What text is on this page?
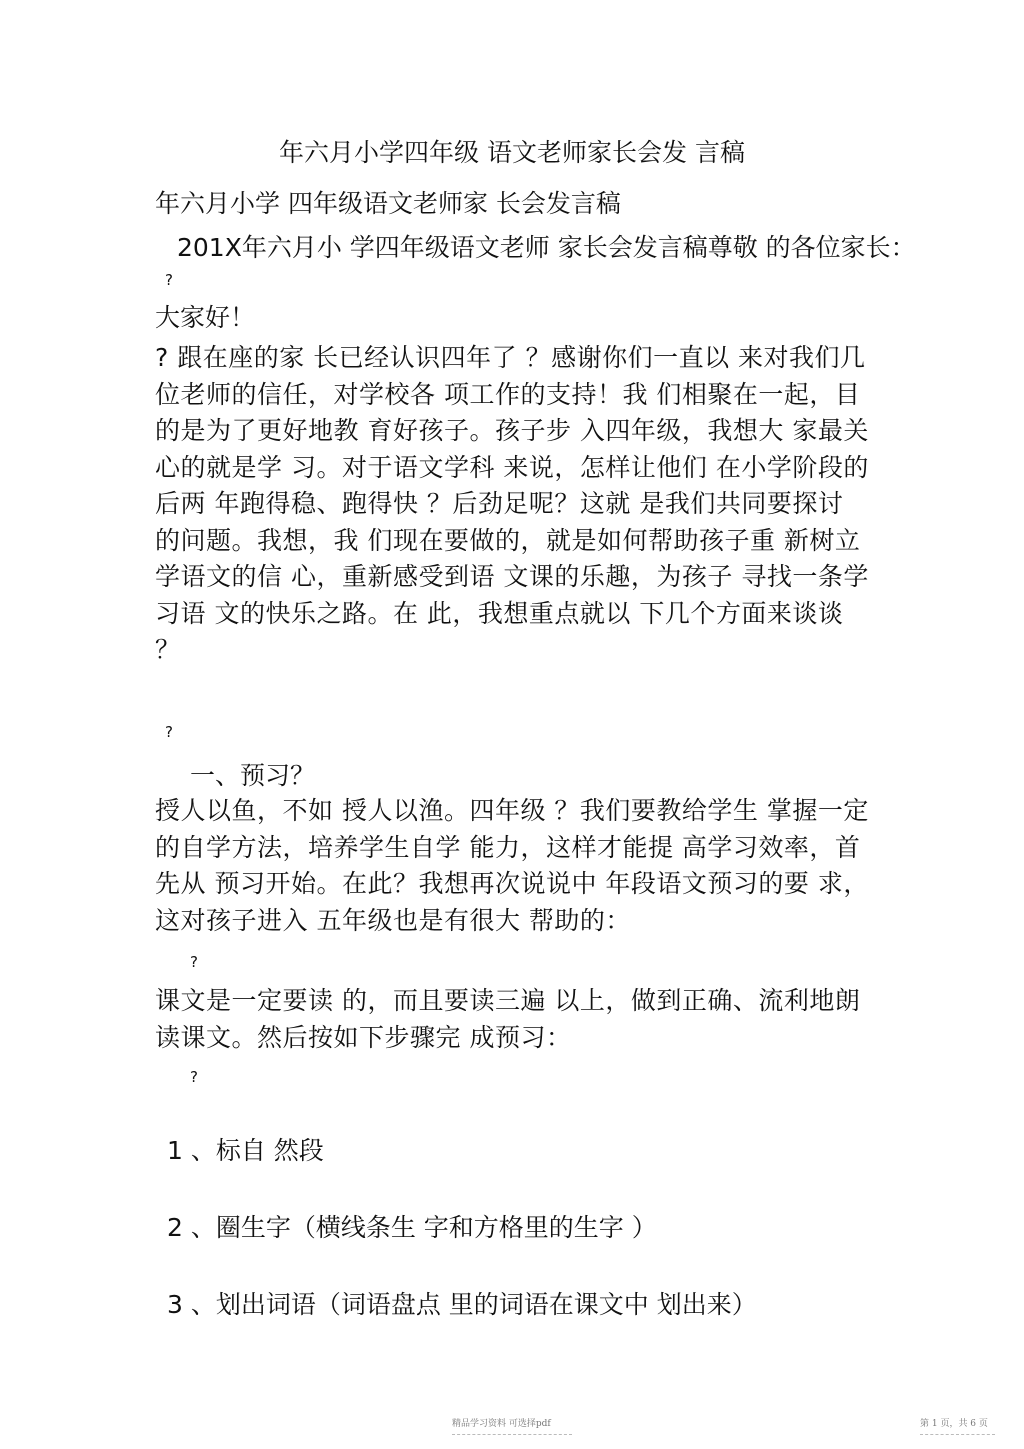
年六月小学四年级 语文老师家长会发 言稿
年六月小学 四年级语文老师家 长会发言稿
201X年六月小 学四年级语文老师 家长会发言稿尊敬 的各位家长：
?
大家好！
? 跟在座的家 长已经认识四年了 ？感谢你们一直以 来对我们几位老师的信任，对学校各 项工作的支持！我 们相聚在一起，目 的是为了更好地教 育好孩子。孩子步 入四年级，我想大 家最关心的就是学 习。对于语文学科 来说，怎样让他们 在小学阶段的后两 年跑得稳、跑得快 ？后劲足呢？这就 是我们共同要探讨 的问题。我想，我 们现在要做的，就是如何帮助孩子重 新树立学语文的信 心，重新感受到语 文课的乐趣，为孩子 寻找一条学习语 文的快乐之路。在 此，我想重点就以 下几个方面来谈谈 ？
?
一、预习？
授人以鱼，不如 授人以渔。四年级 ？我们要教给学生 掌握一定的自学方法，培养学生自学 能力，这样才能提 高学习效率，首先从 预习开始。在此？我想再次说说中 年段语文预习的要 求，这对孩子进入 五年级也是有很大 帮助的：
?
课文是一定要读 的，而且要读三遍 以上，做到正确、流利地朗读课文。然后按如下步骤完 成预习：
?
1 、标自 然段
2 、圈生字（横线条生 字和方格里的生字 ）
3 、划出词语（词语盘点 里的词语在课文中 划出来）
精品学习资料 可选择pdf	第 1 页，共 6 页
